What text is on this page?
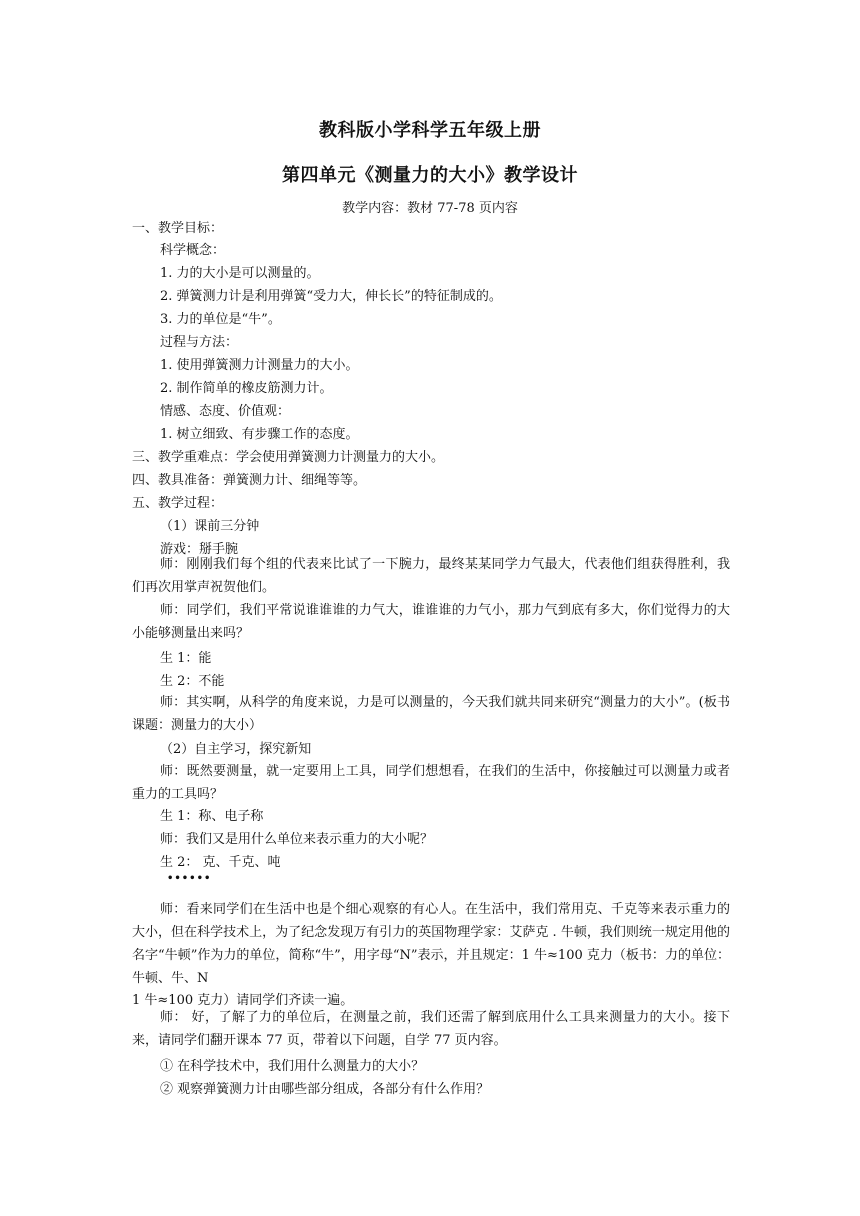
教科版小学科学五年级上册
第四单元《测量力的大小》教学设计
教学内容：教材 77-78 页内容
一、教学目标：
科学概念：
1. 力的大小是可以测量的。
2. 弹簧测力计是利用弹簧“受力大，伸长长”的特征制成的。
3. 力的单位是“牛”。
过程与方法：
1. 使用弹簧测力计测量力的大小。
2. 制作简单的橡皮筋测力计。
情感、态度、价值观：
1. 树立细致、有步骤工作的态度。
三、教学重难点：学会使用弹簧测力计测量力的大小。
四、教具准备：弹簧测力计、细绳等等。
五、教学过程：
（1）课前三分钟
游戏：掰手腕
师：刚刚我们每个组的代表来比试了一下腕力，最终某某同学力气最大，代表他们组获得胜利，我们再次用掌声祝贺他们。
师：同学们，我们平常说谁谁谁的力气大，谁谁谁的力气小，那力气到底有多大，你们觉得力的大小能够测量出来吗？
生 1：能
生 2：不能
师：其实啊，从科学的角度来说，力是可以测量的，今天我们就共同来研究“测量力的大小”。(板书课题：测量力的大小）
（2）自主学习，探究新知
师：既然要测量，就一定要用上工具，同学们想想看，在我们的生活中，你接触过可以测量力或者重力的工具吗？
生 1：称、电子称
师：我们又是用什么单位来表示重力的大小呢？
生 2： 克、千克、吨
••••••
师：看来同学们在生活中也是个细心观察的有心人。在生活中，我们常用克、千克等来表示重力的大小，但在科学技术上，为了纪念发现万有引力的英国物理学家：艾萨克 . 牛顿，我们则统一规定用他的名字“牛顿”作为力的单位，简称“牛”，用字母“N”表示，并且规定：1 牛≈100 克力（板书：力的单位：牛顿、牛、N
1 牛≈100 克力）请同学们齐读一遍。
师： 好，了解了力的单位后，在测量之前，我们还需了解到底用什么工具来测量力的大小。接下来，请同学们翻开课本 77 页，带着以下问题，自学 77 页内容。
① 在科学技术中，我们用什么测量力的大小？
② 观察弹簧测力计由哪些部分组成，各部分有什么作用？
